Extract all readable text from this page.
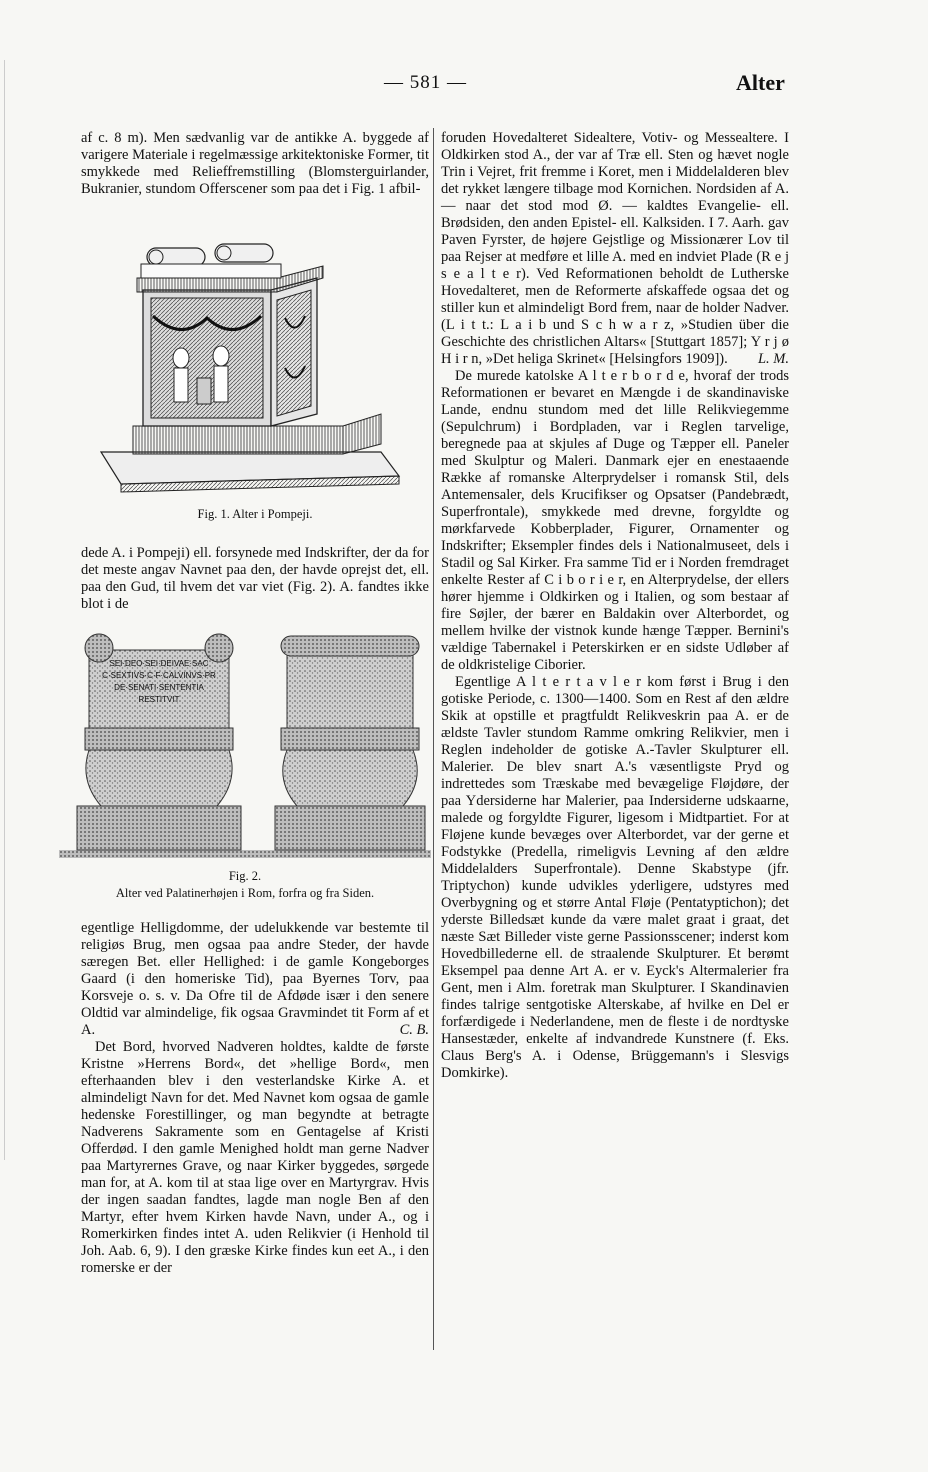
— 581 —	Alter

af c. 8 m). Men sædvanlig var de antikke A. byggede af varigere Materiale i regelmæssige arkitektoniske Former, tit smykkede med Relieffremstilling (Blomsterguirlander, Bukranier, stundom Offerscener som paa det i Fig. 1 afbil-

Fig. 1. Alter i Pompeji.

dede A. i Pompeji) ell. forsynede med Indskrifter, der da for det meste angav Navnet paa den, der havde oprejst det, ell. paa den Gud, til hvem det var viet (Fig. 2). A. fandtes ikke blot i de

SEI·DEO·SEI·DEIVAE·SAC
C·SEXTIVS·C·F·CALVINVS·PR
DE·SENATI·SENTENTIA
RESTITVIT
Fig. 2.
Alter ved Palatinerhøjen i Rom, forfra og fra Siden.

egentlige Helligdomme, der udelukkende var bestemte til religiøs Brug, men ogsaa paa andre Steder, der havde særegen Bet. eller Hellighed: i de gamle Kongeborges Gaard (i den homeriske Tid), paa Byernes Torv, paa Korsveje o. s. v. Da Ofre til de Afdøde især i den senere Oldtid var almindelige, fik ogsaa Gravmindet tit Form af et A.	C. B.

Det Bord, hvorved Nadveren holdtes, kaldte de første Kristne »Herrens Bord«, det »hellige Bord«, men efterhaanden blev i den vesterlandske Kirke A. et almindeligt Navn for det. Med Navnet kom ogsaa de gamle hedenske Forestillinger, og man begyndte at betragte Nadverens Sakramente som en Gentagelse af Kristi Offerdød. I den gamle Menighed holdt man gerne Nadver paa Martyrernes Grave, og naar Kirker byggedes, sørgede man for, at A. kom til at staa lige over en Martyrgrav. Hvis der ingen saadan fandtes, lagde man nogle Ben af den Martyr, efter hvem Kirken havde Navn, under A., og i Romerkirken findes intet A. uden Relikvier (i Henhold til Joh. Aab. 6, 9). I den græske Kirke findes kun eet A., i den romerske er der

foruden Hovedalteret Sidealtere, Votiv- og Messealtere. I Oldkirken stod A., der var af Træ ell. Sten og hævet nogle Trin i Vejret, frit fremme i Koret, men i Middelalderen blev det rykket længere tilbage mod Kornichen. Nordsiden af A. — naar det stod mod Ø. — kaldtes Evangelie- ell. Brødsiden, den anden Epistel- ell. Kalksiden. I 7. Aarh. gav Paven Fyrster, de højere Gejstlige og Missionærer Lov til paa Rejser at medføre et lille A. med en indviet Plade (R e j s e a l t e r). Ved Reformationen beholdt de Lutherske Hovedalteret, men de Reformerte afskaffede ogsaa det og stiller kun et almindeligt Bord frem, naar de holder Nadver. (L i t t.: L a i b und S c h w a r z, »Studien über die Geschichte des christlichen Altars« [Stuttgart 1857]; Y r j ø H i r n, »Det heliga Skrinet« [Helsingfors 1909]). L. M.

De murede katolske A l t e r b o r d e, hvoraf der trods Reformationen er bevaret en Mængde i de skandinaviske Lande, endnu stundom med det lille Relikviegemme (Sepulchrum) i Bordpladen, var i Reglen tarvelige, beregnede paa at skjules af Duge og Tæpper ell. Paneler med Skulptur og Maleri. Danmark ejer en enestaaende Række af romanske Alterprydelser i romansk Stil, dels Antemensaler, dels Krucifikser og Opsatser (Pandebrædt, Superfrontale), smykkede med drevne, forgyldte og mørkfarvede Kobberplader, Figurer, Ornamenter og Indskrifter; Eksempler findes dels i Nationalmuseet, dels i Stadil og Sal Kirker. Fra samme Tid er i Norden fremdraget enkelte Rester af C i b o r i e r, en Alterprydelse, der ellers hører hjemme i Oldkirken og i Italien, og som bestaar af fire Søjler, der bærer en Baldakin over Alterbordet, og mellem hvilke der vistnok kunde hænge Tæpper. Bernini's vældige Tabernakel i Peterskirken er en sidste Udløber af de oldkristelige Ciborier.

Egentlige A l t e r t a v l e r kom først i Brug i den gotiske Periode, c. 1300—1400. Som en Rest af den ældre Skik at opstille et pragtfuldt Relikveskrin paa A. er de ældste Tavler stundom Ramme omkring Relikvier, men i Reglen indeholder de gotiske A.-Tavler Skulpturer ell. Malerier. De blev snart A.'s væsentligste Pryd og indrettedes som Træskabe med bevægelige Fløjdøre, der paa Ydersiderne har Malerier, paa Indersiderne udskaarne, malede og forgyldte Figurer, ligesom i Midtpartiet. For at Fløjene kunde bevæges over Alterbordet, var der gerne et Fodstykke (Predella, rimeligvis Levning af den ældre Middelalders Superfrontale). Denne Skabstype (jfr. Triptychon) kunde udvikles yderligere, udstyres med Overbygning og et større Antal Fløje (Pentatyptichon); det yderste Billedsæt kunde da være malet graat i graat, det næste Sæt Billeder viste gerne Passionsscener; inderst kom Hovedbillederne ell. de straalende Skulpturer. Et berømt Eksempel paa denne Art A. er v. Eyck's Altermalerier fra Gent, men i Alm. foretrak man Skulpturer. I Skandinavien findes talrige sentgotiske Alterskabe, af hvilke en Del er forfærdigede i Nederlandene, men de fleste i de nordtyske Hansestæder, enkelte af indvandrede Kunstnere (f. Eks. Claus Berg's A. i Odense, Brüggemann's i Slesvigs Domkirke).
